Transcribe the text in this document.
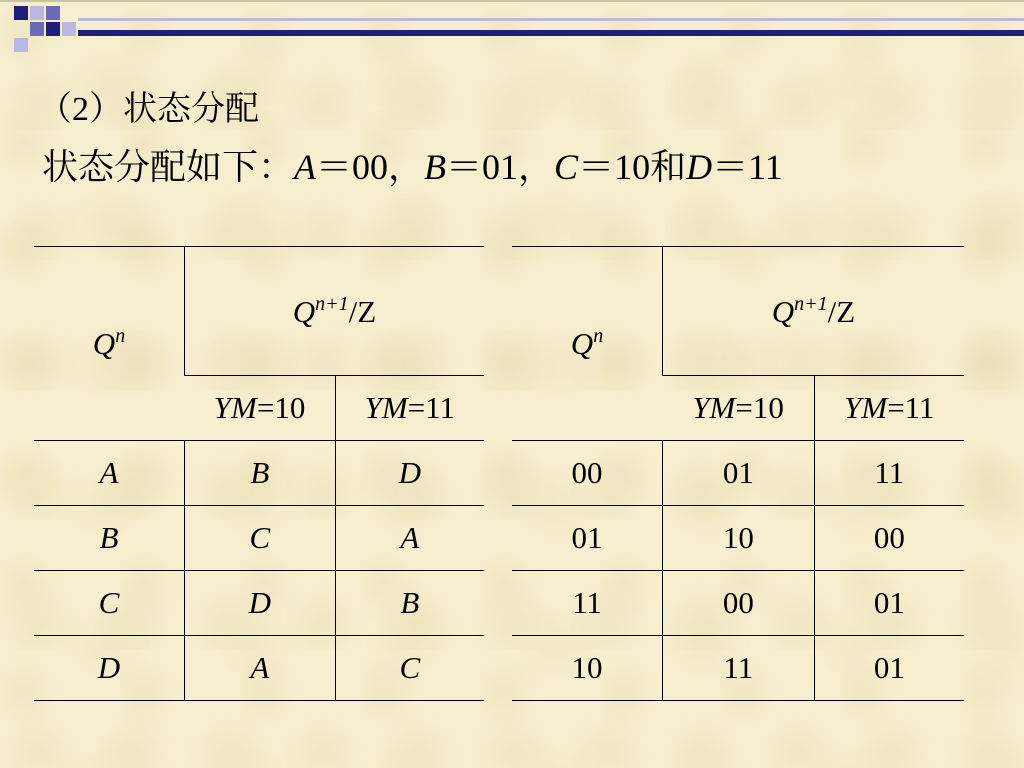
（2）状态分配
状态分配如下：A＝00，B＝01，C＝10和D＝11
$Q^n$	$Q^{n+1}/Z$	
	YM=10	YM=11
A	B	D
B	C	A
C	D	B
D	A	C
$Q^n$	$Q^{n+1}/Z$	
	YM=10	YM=11
00	01	11
01	10	00
11	00	01
10	11	01
